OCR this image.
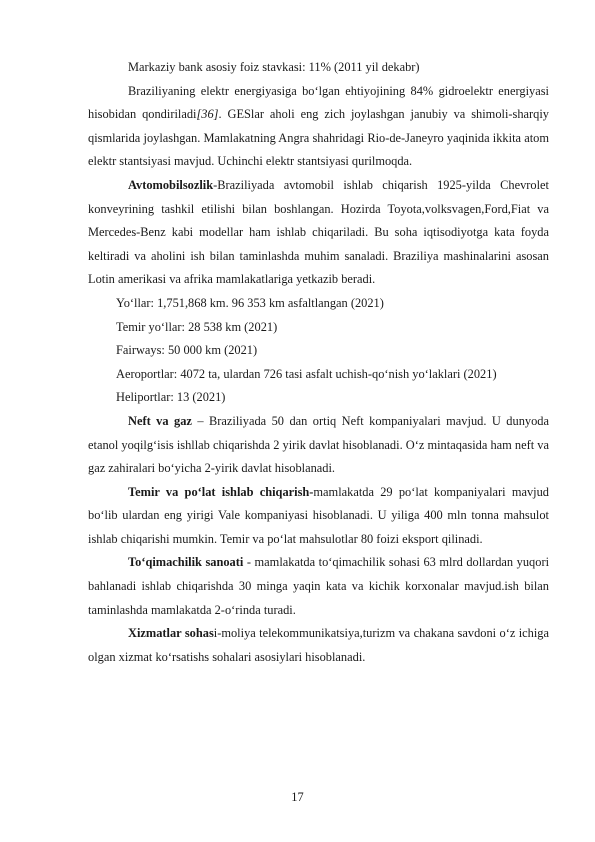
Markaziy bank asosiy foiz stavkasi: 11% (2011 yil dekabr)

Braziliyaning elektr energiyasiga bo‘lgan ehtiyojining 84% gidroelektr energiyasi hisobidan qondiriladi[36]. GESlar aholi eng zich joylashgan janubiy va shimoli-sharqiy qismlarida joylashgan. Mamlakatning Angra shahridagi Rio-de-Janeyro yaqinida ikkita atom elektr stantsiyasi mavjud. Uchinchi elektr stantsiyasi qurilmoqda.

Avtomobilsozlik-Braziliyada avtomobil ishlab chiqarish 1925-yilda Chevrolet konveyrining tashkil etilishi bilan boshlangan. Hozirda Toyota,volksvagen,Ford,Fiat va Mercedes-Benz kabi modellar ham ishlab chiqariladi. Bu soha iqtisodiyotga kata foyda keltiradi va aholini ish bilan taminlashda muhim sanaladi. Braziliya mashinalarini asosan Lotin amerikasi va afrika mamlakatlariga yetkazib beradi.

Yo‘llar: 1,751,868 km. 96 353 km asfaltlangan (2021)

Temir yo‘llar: 28 538 km (2021)

Fairways: 50 000 km (2021)

Aeroportlar: 4072 ta, ulardan 726 tasi asfalt uchish-qo‘nish yo‘laklari (2021)

Heliportlar: 13 (2021)

Neft va gaz – Braziliyada 50 dan ortiq Neft kompaniyalari mavjud. U dunyoda etanol yoqilg‘isis ishllab chiqarishda 2 yirik davlat hisoblanadi. O‘z mintaqasida ham neft va gaz zahiralari bo‘yicha 2-yirik davlat hisoblanadi.

Temir va po‘lat ishlab chiqarish-mamlakatda 29 po‘lat kompaniyalari mavjud bo‘lib ulardan eng yirigi Vale kompaniyasi hisoblanadi. U yiliga 400 mln tonna mahsulot ishlab chiqarishi mumkin. Temir va po‘lat mahsulotlar 80 foizi eksport qilinadi.

To‘qimachilik sanoati - mamlakatda to‘qimachilik sohasi 63 mlrd dollardan yuqori bahlanadi ishlab chiqarishda 30 minga yaqin kata va kichik korxonalar mavjud.ish bilan taminlashda mamlakatda 2-o‘rinda turadi.

Xizmatlar sohasi-moliya telekommunikatsiya,turizm va chakana savdoni o‘z ichiga olgan xizmat ko‘rsatishs sohalari asosiylari hisoblanadi.

17
